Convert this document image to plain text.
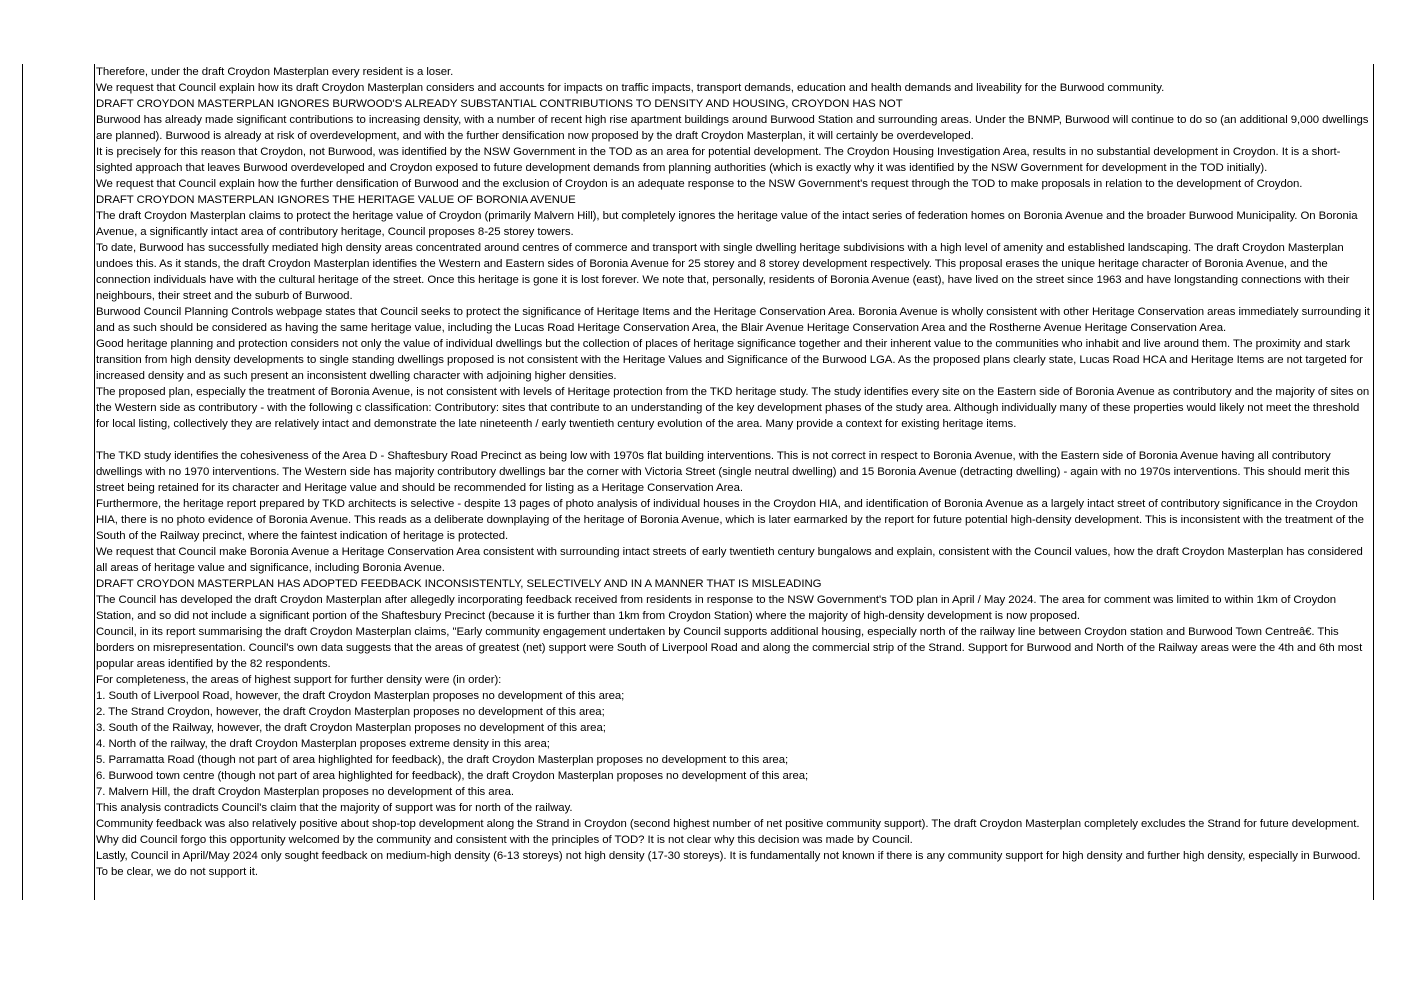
Therefore, under the draft Croydon Masterplan every resident is a loser.

We request that Council explain how its draft Croydon Masterplan considers and accounts for impacts on traffic impacts, transport demands, education and health demands and liveability for the Burwood community.

DRAFT CROYDON MASTERPLAN IGNORES BURWOOD'S ALREADY SUBSTANTIAL CONTRIBUTIONS TO DENSITY AND HOUSING, CROYDON HAS NOT

Burwood has already made significant contributions to increasing density, with a number of recent high rise apartment buildings around Burwood Station and surrounding areas. Under the BNMP, Burwood will continue to do so (an additional 9,000 dwellings are planned). Burwood is already at risk of overdevelopment, and with the further densification now proposed by the draft Croydon Masterplan, it will certainly be overdeveloped.

It is precisely for this reason that Croydon, not Burwood, was identified by the NSW Government in the TOD as an area for potential development. The Croydon Housing Investigation Area, results in no substantial development in Croydon. It is a short-sighted approach that leaves Burwood overdeveloped and Croydon exposed to future development demands from planning authorities (which is exactly why it was identified by the NSW Government for development in the TOD initially).

We request that Council explain how the further densification of Burwood and the exclusion of Croydon is an adequate response to the NSW Government's request through the TOD to make proposals in relation to the development of Croydon.

DRAFT CROYDON MASTERPLAN IGNORES THE HERITAGE VALUE OF BORONIA AVENUE

The draft Croydon Masterplan claims to protect the heritage value of Croydon (primarily Malvern Hill), but completely ignores the heritage value of the intact series of federation homes on Boronia Avenue and the broader Burwood Municipality. On Boronia Avenue, a significantly intact area of contributory heritage, Council proposes 8-25 storey towers.

To date, Burwood has successfully mediated high density areas concentrated around centres of commerce and transport with single dwelling heritage subdivisions with a high level of amenity and established landscaping. The draft Croydon Masterplan undoes this. As it stands, the draft Croydon Masterplan identifies the Western and Eastern sides of Boronia Avenue for 25 storey and 8 storey development respectively. This proposal erases the unique heritage character of Boronia Avenue, and the connection individuals have with the cultural heritage of the street. Once this heritage is gone it is lost forever. We note that, personally, residents of Boronia Avenue (east), have lived on the street since 1963 and have longstanding connections with their neighbours, their street and the suburb of Burwood.

Burwood Council Planning Controls webpage states that Council seeks to protect the significance of Heritage Items and the Heritage Conservation Area. Boronia Avenue is wholly consistent with other Heritage Conservation areas immediately surrounding it and as such should be considered as having the same heritage value, including the Lucas Road Heritage Conservation Area, the Blair Avenue Heritage Conservation Area and the Rostherne Avenue Heritage Conservation Area.

Good heritage planning and protection considers not only the value of individual dwellings but the collection of places of heritage significance together and their inherent value to the communities who inhabit and live around them. The proximity and stark transition from high density developments to single standing dwellings proposed is not consistent with the Heritage Values and Significance of the Burwood LGA. As the proposed plans clearly state, Lucas Road HCA and Heritage Items are not targeted for increased density and as such present an inconsistent dwelling character with adjoining higher densities.

The proposed plan, especially the treatment of Boronia Avenue, is not consistent with levels of Heritage protection from the TKD heritage study. The study identifies every site on the Eastern side of Boronia Avenue as contributory and the majority of sites on the Western side as contributory - with the following c classification: Contributory: sites that contribute to an understanding of the key development phases of the study area. Although individually many of these properties would likely not meet the threshold for local listing, collectively they are relatively intact and demonstrate the late nineteenth / early twentieth century evolution of the area. Many provide a context for existing heritage items.

The TKD study identifies the cohesiveness of the Area D - Shaftesbury Road Precinct as being low with 1970s flat building interventions. This is not correct in respect to Boronia Avenue, with the Eastern side of Boronia Avenue having all contributory dwellings with no 1970 interventions. The Western side has majority contributory dwellings bar the corner with Victoria Street (single neutral dwelling) and 15 Boronia Avenue (detracting dwelling) - again with no 1970s interventions. This should merit this street being retained for its character and Heritage value and should be recommended for listing as a Heritage Conservation Area.

Furthermore, the heritage report prepared by TKD architects is selective - despite 13 pages of photo analysis of individual houses in the Croydon HIA, and identification of Boronia Avenue as a largely intact street of contributory significance in the Croydon HIA, there is no photo evidence of Boronia Avenue. This reads as a deliberate downplaying of the heritage of Boronia Avenue, which is later earmarked by the report for future potential high-density development. This is inconsistent with the treatment of the South of the Railway precinct, where the faintest indication of heritage is protected.

We request that Council make Boronia Avenue a Heritage Conservation Area consistent with surrounding intact streets of early twentieth century bungalows and explain, consistent with the Council values, how the draft Croydon Masterplan has considered all areas of heritage value and significance, including Boronia Avenue.

DRAFT CROYDON MASTERPLAN HAS ADOPTED FEEDBACK INCONSISTENTLY, SELECTIVELY AND IN A MANNER THAT IS MISLEADING

The Council has developed the draft Croydon Masterplan after allegedly incorporating feedback received from residents in response to the NSW Government's TOD plan in April / May 2024. The area for comment was limited to within 1km of Croydon Station, and so did not include a significant portion of the Shaftesbury Precinct (because it is further than 1km from Croydon Station) where the majority of high-density development is now proposed.

Council, in its report summarising the draft Croydon Masterplan claims, "Early community engagement undertaken by Council supports additional housing, especially north of the railway line between Croydon station and Burwood Town Centreâ€. This borders on misrepresentation. Council's own data suggests that the areas of greatest (net) support were South of Liverpool Road and along the commercial strip of the Strand. Support for Burwood and North of the Railway areas were the 4th and 6th most popular areas identified by the 82 respondents.

For completeness, the areas of highest support for further density were (in order):

1. South of Liverpool Road, however, the draft Croydon Masterplan proposes no development of this area;

2. The Strand Croydon, however, the draft Croydon Masterplan proposes no development of this area;

3. South of the Railway, however, the draft Croydon Masterplan proposes no development of this area;

4. North of the railway, the draft Croydon Masterplan proposes extreme density in this area;

5. Parramatta Road (though not part of area highlighted for feedback), the draft Croydon Masterplan proposes no development to this area;

6. Burwood town centre (though not part of area highlighted for feedback), the draft Croydon Masterplan proposes no development of this area;

7. Malvern Hill, the draft Croydon Masterplan proposes no development of this area.

This analysis contradicts Council's claim that the majority of support was for north of the railway.

Community feedback was also relatively positive about shop-top development along the Strand in Croydon (second highest number of net positive community support). The draft Croydon Masterplan completely excludes the Strand for future development. Why did Council forgo this opportunity welcomed by the community and consistent with the principles of TOD? It is not clear why this decision was made by Council.

Lastly, Council in April/May 2024 only sought feedback on medium-high density (6-13 storeys) not high density (17-30 storeys). It is fundamentally not known if there is any community support for high density and further high density, especially in Burwood. To be clear, we do not support it.
